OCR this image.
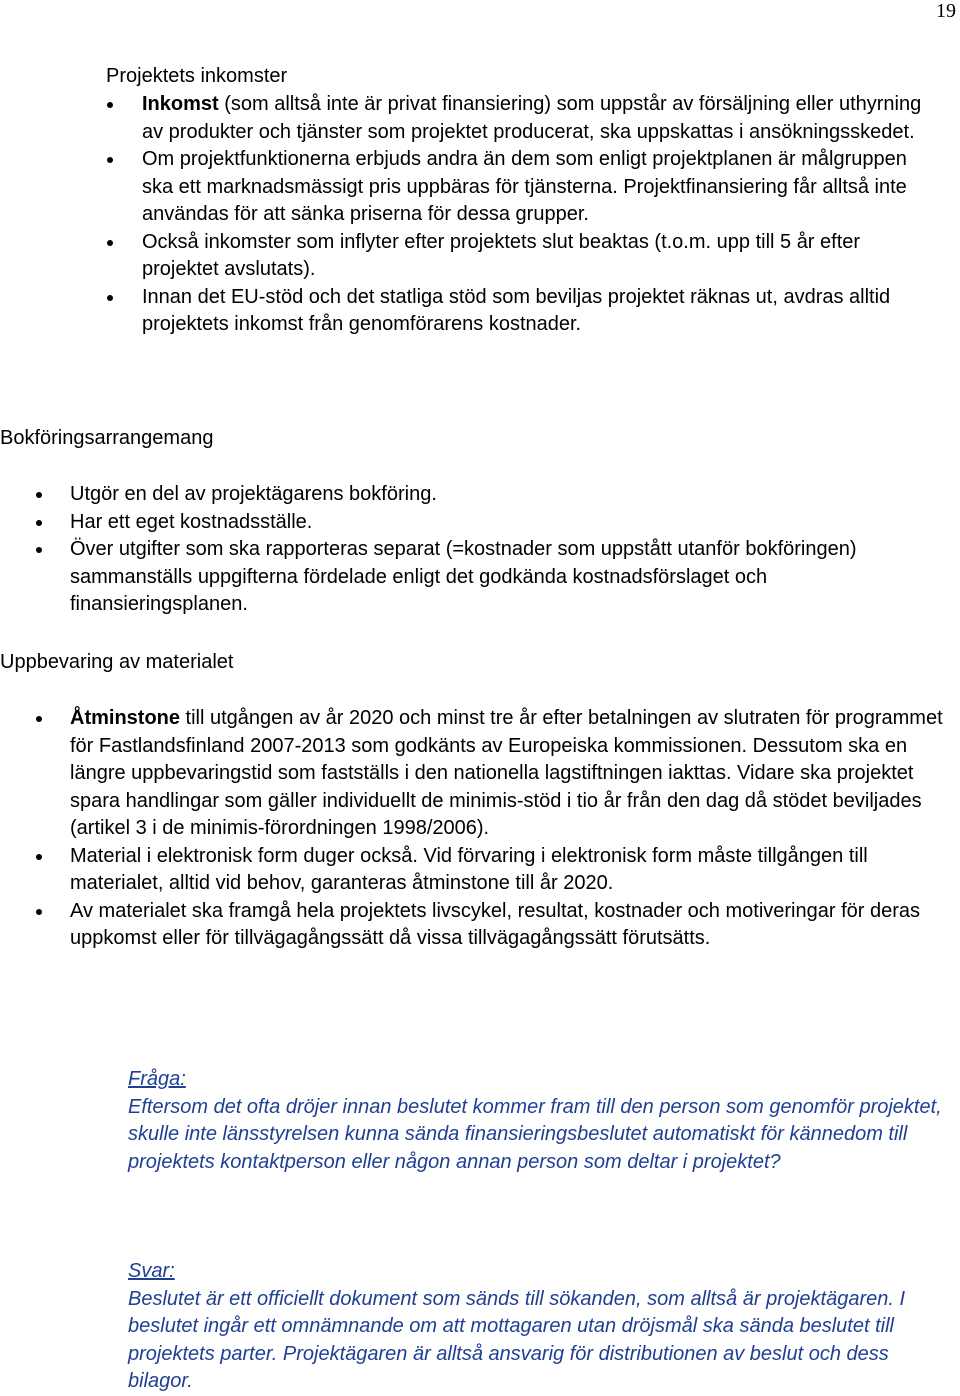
19
Projektets inkomster
Inkomst (som alltså inte är privat finansiering) som uppstår av försäljning eller uthyrning av produkter och tjänster som projektet producerat, ska uppskattas i ansökningsskedet.
Om projektfunktionerna erbjuds andra än dem som enligt projektplanen är målgruppen ska ett marknadsmässigt pris uppbäras för tjänsterna. Projektfinansiering får alltså inte användas för att sänka priserna för dessa grupper.
Också inkomster som inflyter efter projektets slut beaktas (t.o.m. upp till 5 år efter projektet avslutats).
Innan det EU-stöd och det statliga stöd som beviljas projektet räknas ut, avdras alltid projektets inkomst från genomförarens kostnader.
Bokföringsarrangemang
Utgör en del av projektägarens bokföring.
Har ett eget kostnadsställe.
Över utgifter som ska rapporteras separat (=kostnader som uppstått utanför bokföringen) sammanställs uppgifterna fördelade enligt det godkända kostnadsförslaget och finansieringsplanen.
Uppbevaring av materialet
Åtminstone till utgången av år 2020 och minst tre år efter betalningen av slutraten för programmet för Fastlandsfinland 2007-2013 som godkänts av Europeiska kommissionen. Dessutom ska en längre uppbevaringstid som fastställs i den nationella lagstiftningen iakttas. Vidare ska projektet spara handlingar som gäller individuellt de minimis-stöd i tio år från den dag då stödet beviljades (artikel 3 i de minimis-förordningen 1998/2006).
Material i elektronisk form duger också. Vid förvaring i elektronisk form måste tillgången till materialet, alltid vid behov, garanteras åtminstone till år 2020.
Av materialet ska framgå hela projektets livscykel, resultat, kostnader och motiveringar för deras uppkomst eller för tillvägagångssätt då vissa tillvägagångssätt förutsätts.
Fråga:
Eftersom det ofta dröjer innan beslutet kommer fram till den person som genomför projektet, skulle inte länsstyrelsen kunna sända finansieringsbeslutet automatiskt för kännedom till projektets kontaktperson eller någon annan person som deltar i projektet?
Svar:
Beslutet är ett officiellt dokument som sänds till sökanden, som alltså är projektägaren. I beslutet ingår ett omnämnande om att mottagaren utan dröjsmål ska sända beslutet till projektets parter. Projektägaren är alltså ansvarig för distributionen av beslut och dess bilagor.
